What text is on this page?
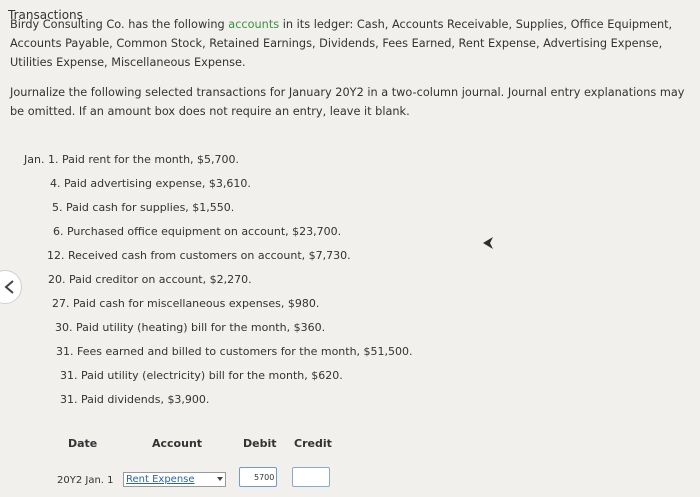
Transactions
Birdy Consulting Co. has the following accounts in its ledger: Cash, Accounts Receivable, Supplies, Office Equipment, Accounts Payable, Common Stock, Retained Earnings, Dividends, Fees Earned, Rent Expense, Advertising Expense, Utilities Expense, Miscellaneous Expense.
Journalize the following selected transactions for January 20Y2 in a two-column journal. Journal entry explanations may be omitted. If an amount box does not require an entry, leave it blank.
Jan. 1. Paid rent for the month, $5,700.
4. Paid advertising expense, $3,610.
5. Paid cash for supplies, $1,550.
6. Purchased office equipment on account, $23,700.
12. Received cash from customers on account, $7,730.
20. Paid creditor on account, $2,270.
27. Paid cash for miscellaneous expenses, $980.
30. Paid utility (heating) bill for the month, $360.
31. Fees earned and billed to customers for the month, $51,500.
31. Paid utility (electricity) bill for the month, $620.
31. Paid dividends, $3,900.
Date	Account	Debit Credit
20Y2 Jan. 1	Rent Expense	5700
